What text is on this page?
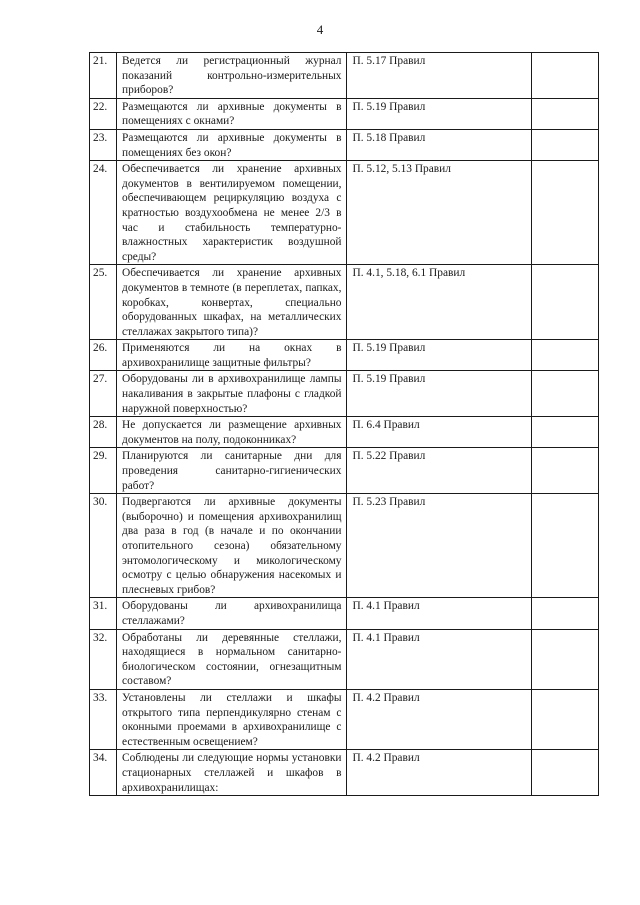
4
21.	Ведется ли регистрационный журнал показаний контрольно-измерительных приборов?	П. 5.17 Правил	
22.	Размещаются ли архивные документы в помещениях с окнами?	П. 5.19 Правил	
23.	Размещаются ли архивные документы в помещениях без окон?	П. 5.18 Правил	
24.	Обеспечивается ли хранение архивных документов в вентилируемом помещении, обеспечивающем рециркуляцию воздуха с кратностью воздухообмена не менее 2/3 в час и стабильность температурно-влажностных характеристик воздушной среды?	П. 5.12, 5.13 Правил	
25.	Обеспечивается ли хранение архивных документов в темноте (в переплетах, папках, коробках, конвертах, специально оборудованных шкафах, на металлических стеллажах закрытого типа)?	П. 4.1, 5.18, 6.1 Правил	
26.	Применяются ли на окнах в архивохранилище защитные фильтры?	П. 5.19 Правил	
27.	Оборудованы ли в архивохранилище лампы накаливания в закрытые плафоны с гладкой наружной поверхностью?	П. 5.19 Правил	
28.	Не допускается ли размещение архивных документов на полу, подоконниках?	П. 6.4 Правил	
29.	Планируются ли санитарные дни для проведения санитарно-гигиенических работ?	П. 5.22 Правил	
30.	Подвергаются ли архивные документы (выборочно) и помещения архивохранилищ два раза в год (в начале и по окончании отопительного сезона) обязательному энтомологическому и микологическому осмотру с целью обнаружения насекомых и плесневых грибов?	П. 5.23 Правил	
31.	Оборудованы ли архивохранилища стеллажами?	П. 4.1 Правил	
32.	Обработаны ли деревянные стеллажи, находящиеся в нормальном санитарно-биологическом состоянии, огнезащитным составом?	П. 4.1 Правил	
33.	Установлены ли стеллажи и шкафы открытого типа перпендикулярно стенам с оконными проемами в архивохранилище с естественным освещением?	П. 4.2 Правил	
34.	Соблюдены ли следующие нормы установки стационарных стеллажей и шкафов в архивохранилищах:	П. 4.2 Правил	
